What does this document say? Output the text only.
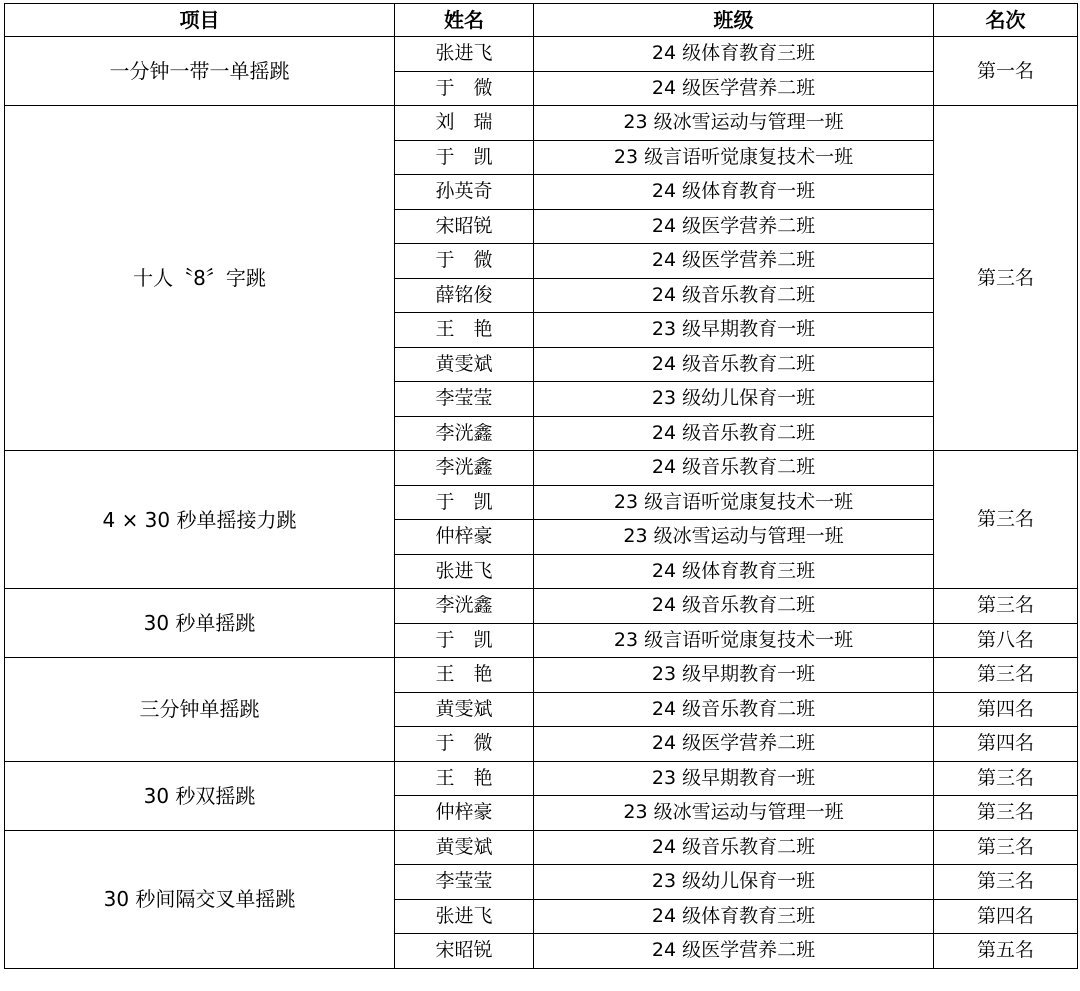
项目	姓名	班级	名次
一分钟一带一单摇跳	张进飞	24 级体育教育三班	第一名
	于　微	24 级医学营养二班	
十人〝8〞字跳	刘　瑞	23 级冰雪运动与管理一班	第三名
	于　凯	23 级言语听觉康复技术一班	
	孙英奇	24 级体育教育一班	
	宋昭锐	24 级医学营养二班	
	于　微	24 级医学营养二班	
	薛铭俊	24 级音乐教育二班	
	王　艳	23 级早期教育一班	
	黄雯斌	24 级音乐教育二班	
	李莹莹	23 级幼儿保育一班	
	李洸鑫	24 级音乐教育二班	
4 × 30 秒单摇接力跳	李洸鑫	24 级音乐教育二班	第三名
	于　凯	23 级言语听觉康复技术一班	
	仲梓豪	23 级冰雪运动与管理一班	
	张进飞	24 级体育教育三班	
30 秒单摇跳	李洸鑫	24 级音乐教育二班	第三名
	于　凯	23 级言语听觉康复技术一班	第八名
三分钟单摇跳	王　艳	23 级早期教育一班	第三名
	黄雯斌	24 级音乐教育二班	第四名
	于　微	24 级医学营养二班	第四名
30 秒双摇跳	王　艳	23 级早期教育一班	第三名
	仲梓豪	23 级冰雪运动与管理一班	第三名
30 秒间隔交叉单摇跳	黄雯斌	24 级音乐教育二班	第三名
	李莹莹	23 级幼儿保育一班	第三名
	张进飞	24 级体育教育三班	第四名
	宋昭锐	24 级医学营养二班	第五名
